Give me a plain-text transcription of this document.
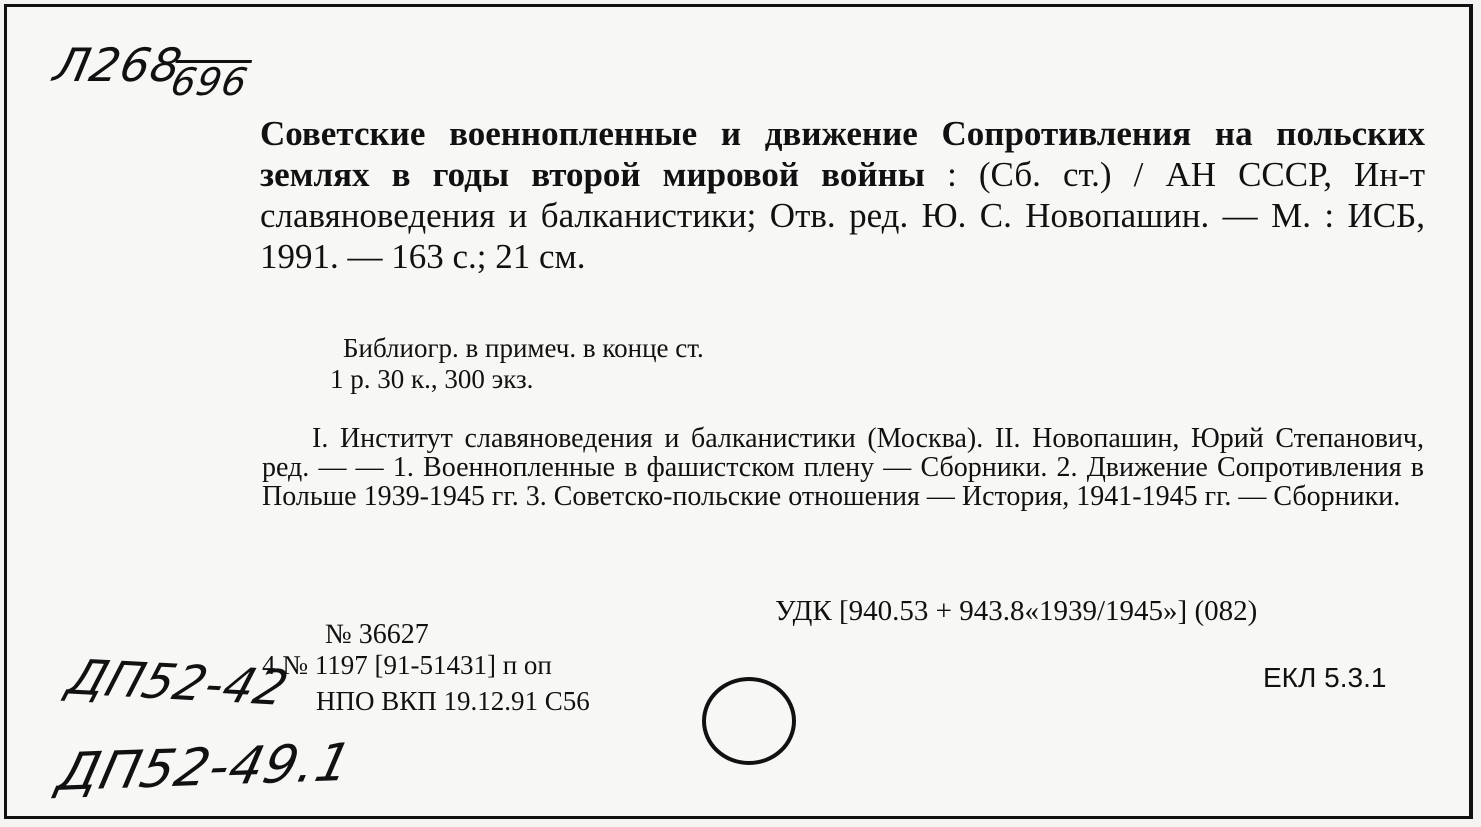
Л268696
Советские военнопленные и движение Сопротивления на польских землях в годы второй мировой войны : (Сб. ст.) / АН СССР, Ин-т славяноведения и балканистики; Отв. ред. Ю. С. Новопашин. — М. : ИСБ, 1991. — 163 с.; 21 см.
Библиогр. в примеч. в конце ст.
1 р. 30 к., 300 экз.
I. Институт славяноведения и балканистики (Москва). II. Новопашин, Юрий Степанович, ред. — — 1. Военнопленные в фашистском плену — Сборники. 2. Движение Сопротивления в Польше 1939-1945 гг. 3. Советско-польские отношения — История, 1941-1945 гг. — Сборники.
УДК [940.53 + 943.8«1939/1945»] (082)
№ 36627
4 № 1197 [91-51431] п оп
НПО ВКП 19.12.91 С56
ЕКЛ 5.3.1
ДП52-42
ДП52-49.1
